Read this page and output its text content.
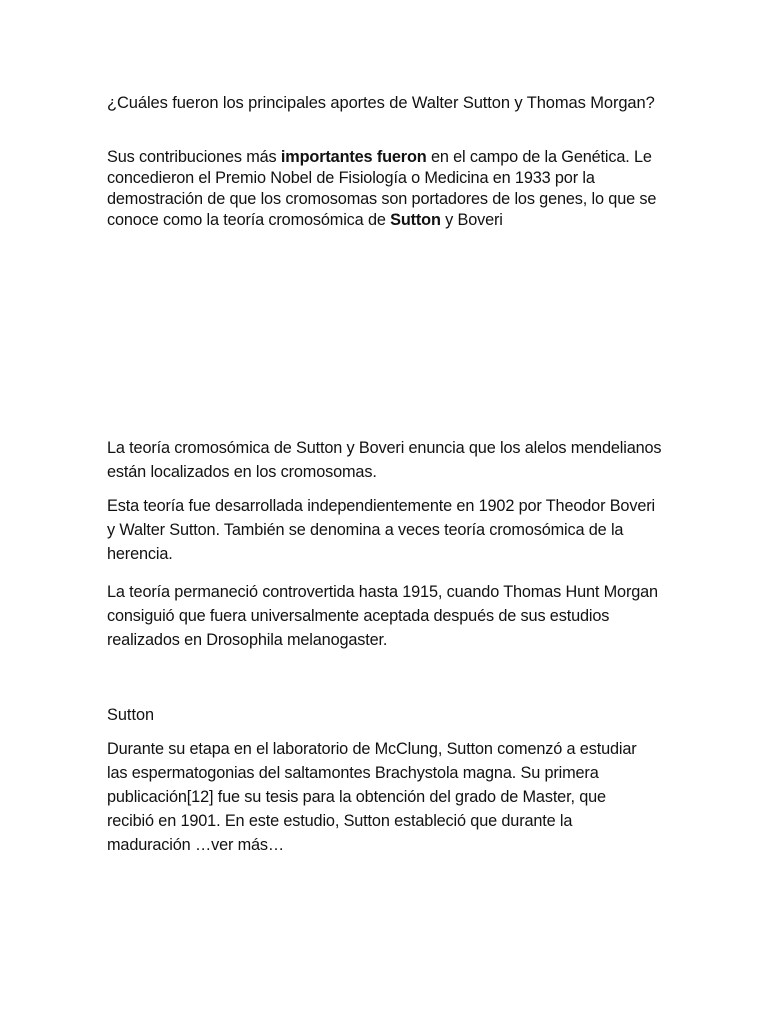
¿Cuáles fueron los principales aportes de Walter Sutton y Thomas Morgan?

Sus contribuciones más importantes fueron en el campo de la Genética. Le concedieron el Premio Nobel de Fisiología o Medicina en 1933 por la demostración de que los cromosomas son portadores de los genes, lo que se conoce como la teoría cromosómica de Sutton y Boveri

La teoría cromosómica de Sutton y Boveri enuncia que los alelos mendelianos están localizados en los cromosomas.

Esta teoría fue desarrollada independientemente en 1902 por Theodor Boveri y Walter Sutton. También se denomina a veces teoría cromosómica de la herencia.

La teoría permaneció controvertida hasta 1915, cuando Thomas Hunt Morgan consiguió que fuera universalmente aceptada después de sus estudios realizados en Drosophila melanogaster.

Sutton

Durante su etapa en el laboratorio de McClung, Sutton comenzó a estudiar las espermatogonias del saltamontes Brachystola magna. Su primera publicación[12] fue su tesis para la obtención del grado de Master, que recibió en 1901. En este estudio, Sutton estableció que durante la maduración …ver más…
